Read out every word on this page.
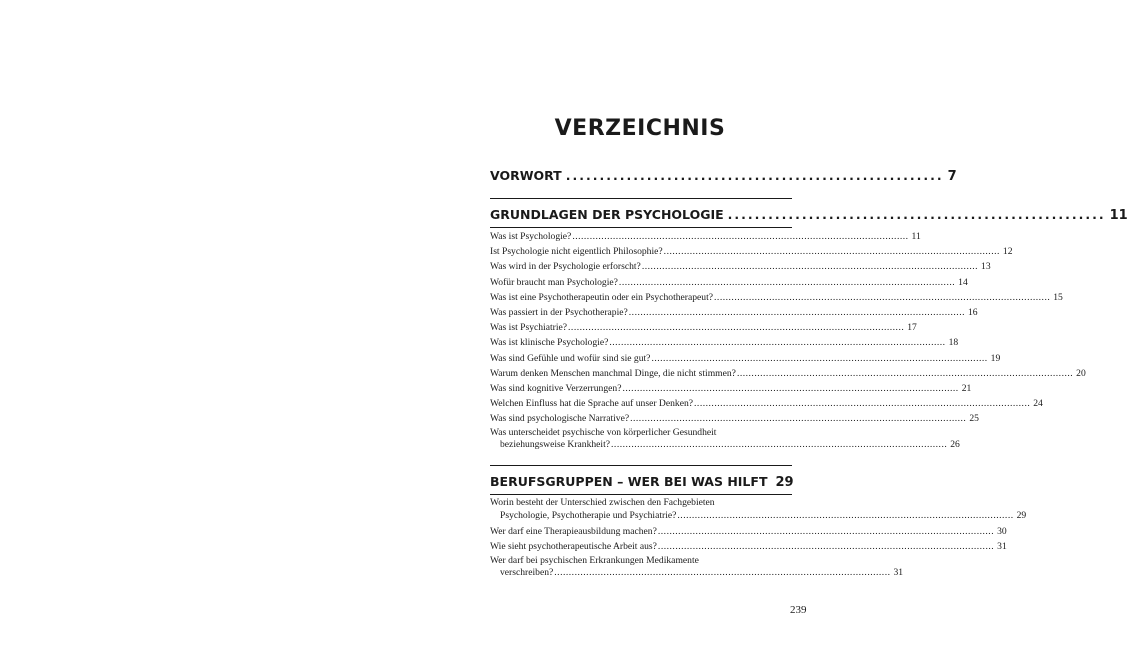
VERZEICHNIS
VORWORT ........................................................ 7
GRUNDLAGEN DER PSYCHOLOGIE ........................................................ 11
Was ist Psychologie? .................................................................................................................... 11
Ist Psychologie nicht eigentlich Philosophie? .................................................................................................................... 12
Was wird in der Psychologie erforscht? .................................................................................................................... 13
Wofür braucht man Psychologie? .................................................................................................................... 14
Was ist eine Psychotherapeutin oder ein Psychotherapeut? .................................................................................................................... 15
Was passiert in der Psychotherapie? .................................................................................................................... 16
Was ist Psychiatrie? .................................................................................................................... 17
Was ist klinische Psychologie? .................................................................................................................... 18
Was sind Gefühle und wofür sind sie gut? .................................................................................................................... 19
Warum denken Menschen manchmal Dinge, die nicht stimmen? .................................................................................................................... 20
Was sind kognitive Verzerrungen? .................................................................................................................... 21
Welchen Einfluss hat die Sprache auf unser Denken? .................................................................................................................... 24
Was sind psychologische Narrative? .................................................................................................................... 25
Was unterscheidet psychische von körperlicher Gesundheit
beziehungsweise Krankheit? .................................................................................................................... 26
BERUFSGRUPPEN – WER BEI WAS HILFT 29
Worin besteht der Unterschied zwischen den Fachgebieten
Psychologie, Psychotherapie und Psychiatrie? .................................................................................................................... 29
Wer darf eine Therapieausbildung machen? .................................................................................................................... 30
Wie sieht psychotherapeutische Arbeit aus? .................................................................................................................... 31
Wer darf bei psychischen Erkrankungen Medikamente
verschreiben? .................................................................................................................... 31
239
